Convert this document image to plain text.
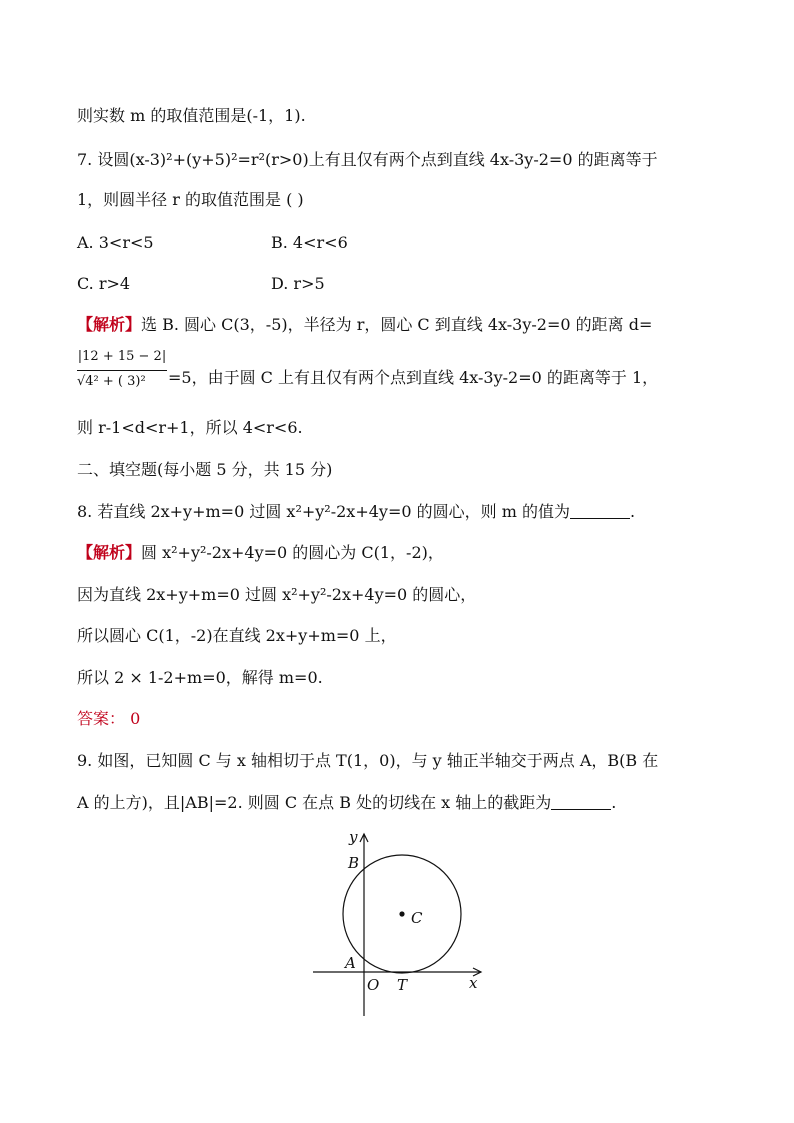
则实数 m 的取值范围是(-1，1).
7. 设圆(x-3)²+(y+5)²=r²(r>0)上有且仅有两个点到直线 4x-3y-2=0 的距离等于
1，则圆半径 r 的取值范围是 ( )
A. 3<r<5	B. 4<r<6
C. r>4	D. r>5
【解析】选 B. 圆心 C(3，-5)，半径为 r，圆心 C 到直线 4x-3y-2=0 的距离 d=
|12 + 15 − 2|
√4² + ( 3)²	=5，由于圆 C 上有且仅有两个点到直线 4x-3y-2=0 的距离等于 1，
则 r-1<d<r+1，所以 4<r<6.
二、填空题(每小题 5 分，共 15 分)
8. 若直线 2x+y+m=0 过圆 x²+y²-2x+4y=0 的圆心，则 m 的值为	.
【解析】圆 x²+y²-2x+4y=0 的圆心为 C(1，-2)，
因为直线 2x+y+m=0 过圆 x²+y²-2x+4y=0 的圆心，
所以圆心 C(1，-2)在直线 2x+y+m=0 上，
所以 2 × 1-2+m=0，解得 m=0.
答案： 0
9. 如图，已知圆 C 与 x 轴相切于点 T(1，0)，与 y 轴正半轴交于两点 A，B(B 在
A 的上方)，且|AB|=2. 则圆 C 在点 B 处的切线在 x 轴上的截距为	.
y
x
B
A
C
O T
